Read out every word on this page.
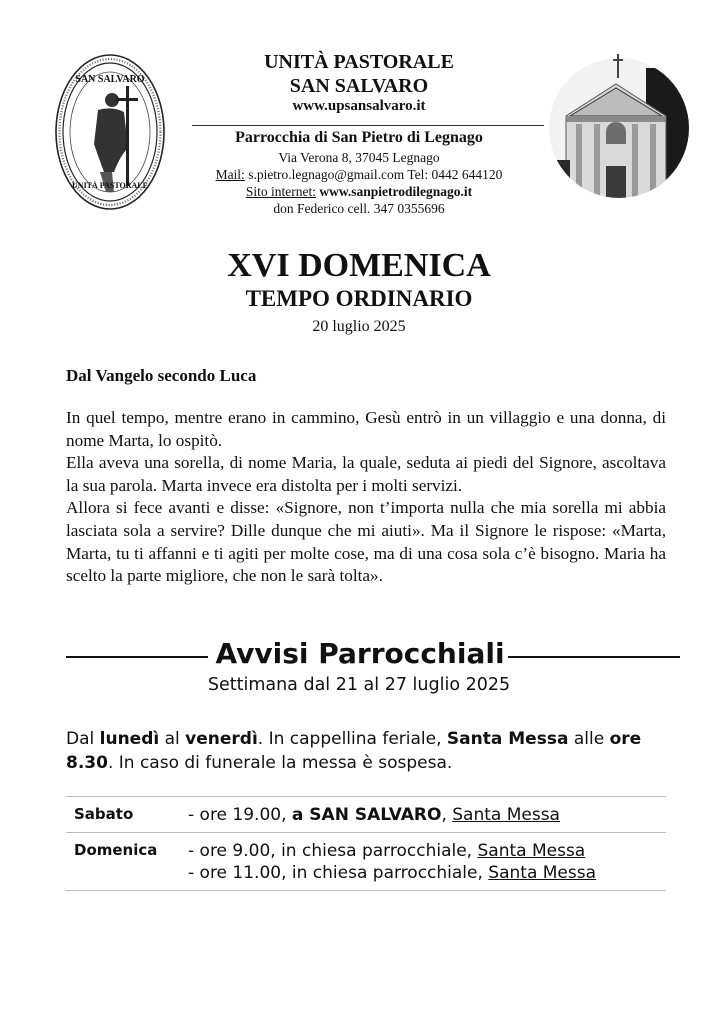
SAN SALVARO
UNITÀ PASTORALE
UNITÀ PASTORALE
SAN SALVARO
www.upsansalvaro.it
Parrocchia di San Pietro di Legnago
Via Verona 8, 37045 Legnago
Mail: s.pietro.legnago@gmail.com Tel: 0442 644120
Sito internet: www.sanpietrodilegnago.it
don Federico cell. 347 0355696
XVI DOMENICA
TEMPO ORDINARIO
20 luglio 2025
Dal Vangelo secondo Luca

In quel tempo, mentre erano in cammino, Gesù entrò in un villaggio e una donna, di nome Marta, lo ospitò.

Ella aveva una sorella, di nome Maria, la quale, seduta ai piedi del Signore, ascoltava la sua parola. Marta invece era distolta per i molti servizi.

Allora si fece avanti e disse: «Signore, non t’importa nulla che mia sorella mi abbia lasciata sola a servire? Dille dunque che mi aiuti». Ma il Signore le rispose: «Marta, Marta, tu ti affanni e ti agiti per molte cose, ma di una cosa sola c’è bisogno. Maria ha scelto la parte migliore, che non le sarà tolta».

Avvisi Parrocchiali
Settimana dal 21 al 27 luglio 2025
Dal lunedì al venerdì. In cappellina feriale, Santa Messa alle ore 8.30. In caso di funerale la messa è sospesa.
Sabato	- ore 19.00, a SAN SALVARO, Santa Messa
Domenica - ore 9.00, in chiesa parrocchiale, Santa Messa
- ore 11.00, in chiesa parrocchiale, Santa Messa
